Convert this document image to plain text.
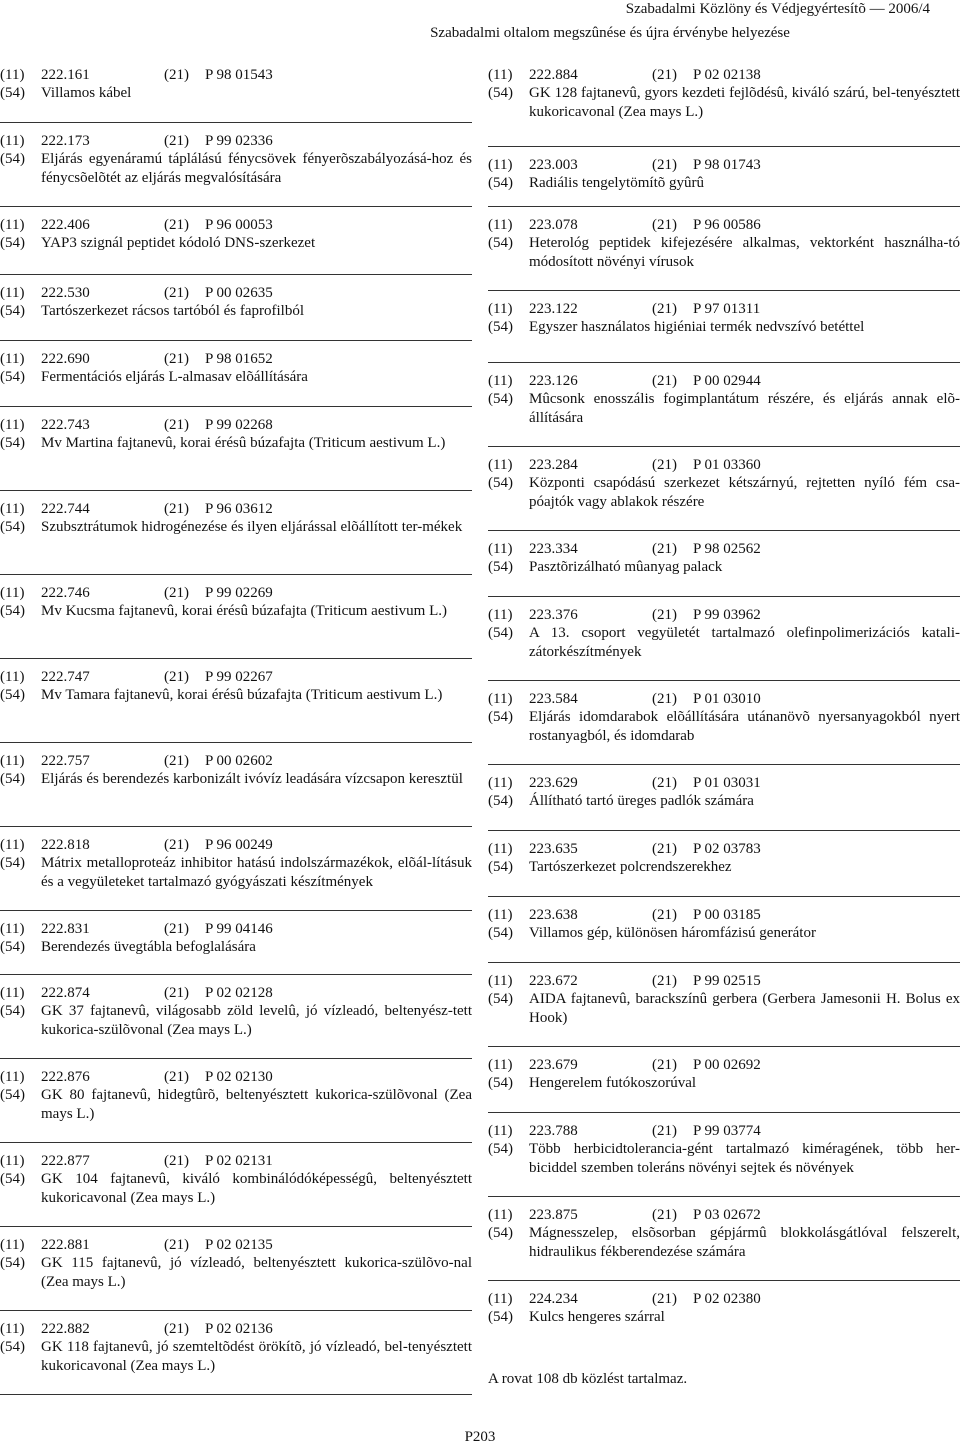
Szabadalmi Közlöny és Védjegyértesítõ — 2006/4
Szabadalmi oltalom megszûnése és újra érvénybe helyezése
(11)	222.161	(21)	P 98 01543
(54)	Villamos kábel
(11)	222.173	(21)	P 99 02336
(54)	Eljárás egyenáramú táplálású fénycsövek fényerõszabályozásá-hoz és fénycsõelõtét az eljárás megvalósítására
(11)	222.406	(21)	P 96 00053
(54)	YAP3 szignál peptidet kódoló DNS-szerkezet
(11)	222.530	(21)	P 00 02635
(54)	Tartószerkezet rácsos tartóból és faprofilból
(11)	222.690	(21)	P 98 01652
(54)	Fermentációs eljárás L-almasav elõállítására
(11)	222.743	(21)	P 99 02268
(54)	Mv Martina fajtanevû, korai érésû búzafajta (Triticum aestivum L.)
(11)	222.744	(21)	P 96 03612
(54)	Szubsztrátumok hidrogénezése és ilyen eljárással elõállított ter-mékek
(11)	222.746	(21)	P 99 02269
(54)	Mv Kucsma fajtanevû, korai érésû búzafajta (Triticum aestivum L.)
(11)	222.747	(21)	P 99 02267
(54)	Mv Tamara fajtanevû, korai érésû búzafajta (Triticum aestivum L.)
(11)	222.757	(21)	P 00 02602
(54)	Eljárás és berendezés karbonizált ivóvíz leadására vízcsapon keresztül
(11)	222.818	(21)	P 96 00249
(54)	Mátrix metalloproteáz inhibitor hatású indolszármazékok, elõál-lításuk és a vegyületeket tartalmazó gyógyászati készítmények
(11)	222.831	(21)	P 99 04146
(54)	Berendezés üvegtábla befoglalására
(11)	222.874	(21)	P 02 02128
(54)	GK 37 fajtanevû, világosabb zöld levelû, jó vízleadó, beltenyész-tett kukorica-szülõvonal (Zea mays L.)
(11)	222.876	(21)	P 02 02130
(54)	GK 80 fajtanevû, hidegtûrõ, beltenyésztett kukorica-szülõvonal (Zea mays L.)
(11)	222.877	(21)	P 02 02131
(54)	GK 104 fajtanevû, kiváló kombinálódóképességû, beltenyésztett kukoricavonal (Zea mays L.)
(11)	222.881	(21)	P 02 02135
(54)	GK 115 fajtanevû, jó vízleadó, beltenyésztett kukorica-szülõvo-nal (Zea mays L.)
(11)	222.882	(21)	P 02 02136
(54)	GK 118 fajtanevû, jó szemteltõdést örökítõ, jó vízleadó, bel-tenyésztett kukoricavonal (Zea mays L.)
(11)	222.884	(21)	P 02 02138
(54)	GK 128 fajtanevû, gyors kezdeti fejlõdésû, kiváló szárú, bel-tenyésztett kukoricavonal (Zea mays L.)
(11)	223.003	(21)	P 98 01743
(54)	Radiális tengelytömítõ gyûrû
(11)	223.078	(21)	P 96 00586
(54)	Heterológ peptidek kifejezésére alkalmas, vektorként használha-tó módosított növényi vírusok
(11)	223.122	(21)	P 97 01311
(54)	Egyszer használatos higiéniai termék nedvszívó betéttel
(11)	223.126	(21)	P 00 02944
(54)	Mûcsonk enosszális fogimplantátum részére, és eljárás annak elõ-állítására
(11)	223.284	(21)	P 01 03360
(54)	Központi csapódású szerkezet kétszárnyú, rejtetten nyíló fém csa-póajtók vagy ablakok részére
(11)	223.334	(21)	P 98 02562
(54)	Pasztõrizálható mûanyag palack
(11)	223.376	(21)	P 99 03962
(54)	A 13. csoport vegyületét tartalmazó olefinpolimerizációs katali-zátorkészítmények
(11)	223.584	(21)	P 01 03010
(54)	Eljárás idomdarabok elõállítására utánanövõ nyersanyagokból nyert rostanyagból, és idomdarab
(11)	223.629	(21)	P 01 03031
(54)	Állítható tartó üreges padlók számára
(11)	223.635	(21)	P 02 03783
(54)	Tartószerkezet polcrendszerekhez
(11)	223.638	(21)	P 00 03185
(54)	Villamos gép, különösen háromfázisú generátor
(11)	223.672	(21)	P 99 02515
(54)	AIDA fajtanevû, barackszínû gerbera (Gerbera Jamesonii H. Bolus ex Hook)
(11)	223.679	(21)	P 00 02692
(54)	Hengerelem futókoszorúval
(11)	223.788	(21)	P 99 03774
(54)	Több herbicidtolerancia-gént tartalmazó kiméragének, több her-biciddel szemben toleráns növényi sejtek és növények
(11)	223.875	(21)	P 03 02672
(54)	Mágnesszelep, elsõsorban gépjármû blokkolásgátlóval felszerelt, hidraulikus fékberendezése számára
(11)	224.234	(21)	P 02 02380
(54)	Kulcs hengeres szárral
A rovat 108 db közlést tartalmaz.
P203
